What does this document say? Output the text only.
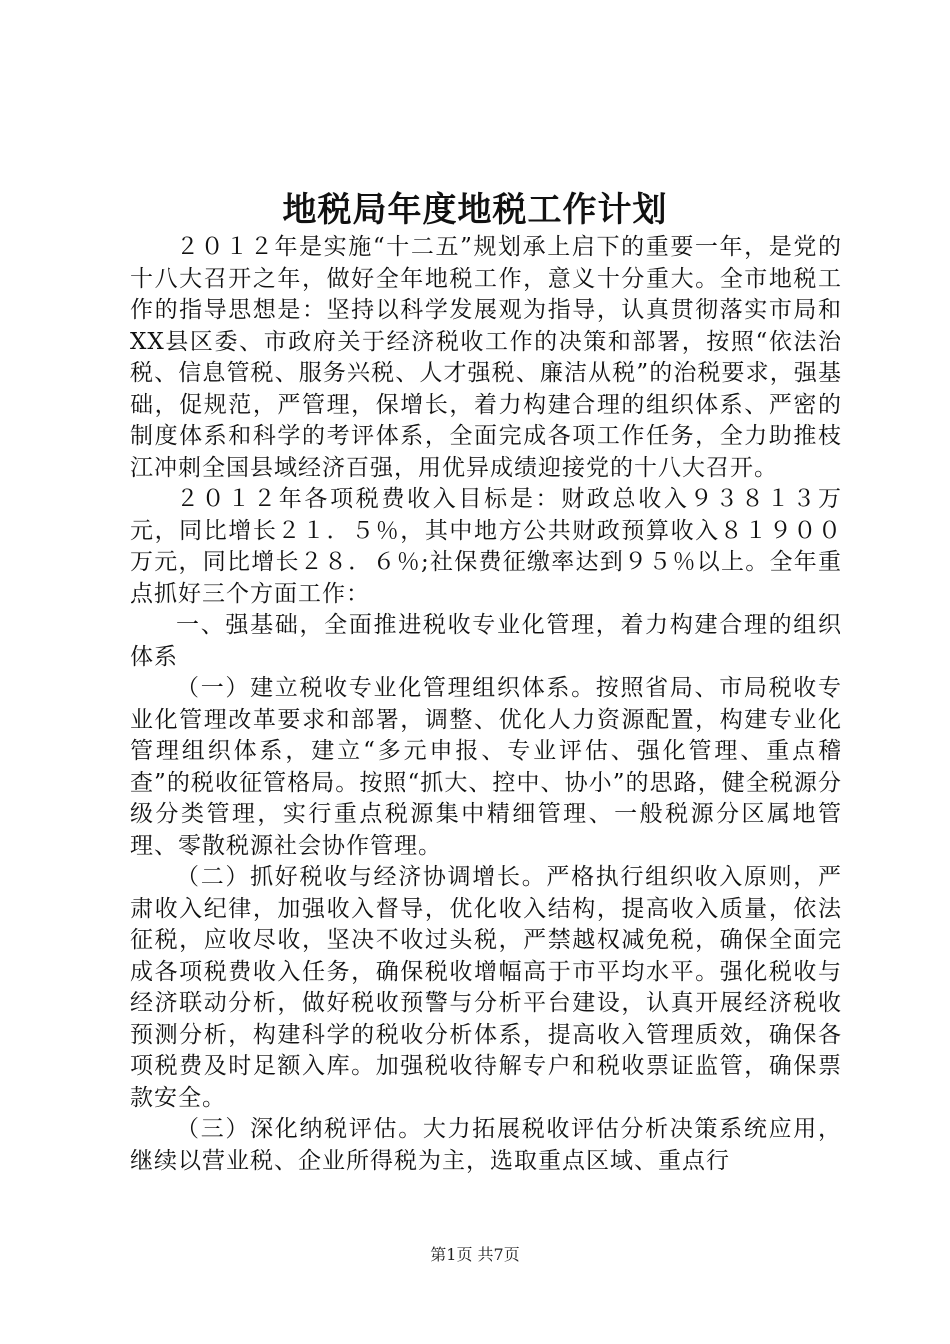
地税局年度地税工作计划

２０１２年是实施“十二五”规划承上启下的重要一年，是党的十八大召开之年，做好全年地税工作，意义十分重大。全市地税工作的指导思想是：坚持以科学发展观为指导，认真贯彻落实市局和XX县区委、市政府关于经济税收工作的决策和部署，按照“依法治税、信息管税、服务兴税、人才强税、廉洁从税”的治税要求，强基础，促规范，严管理，保增长，着力构建合理的组织体系、严密的制度体系和科学的考评体系，全面完成各项工作任务，全力助推枝江冲刺全国县域经济百强，用优异成绩迎接党的十八大召开。

２０１２年各项税费收入目标是：财政总收入９３８１３万元，同比增长２１．５％，其中地方公共财政预算收入８１９００万元，同比增长２８．６％;社保费征缴率达到９５％以上。全年重点抓好三个方面工作：

一、强基础，全面推进税收专业化管理，着力构建合理的组织体系

（一）建立税收专业化管理组织体系。按照省局、市局税收专业化管理改革要求和部署，调整、优化人力资源配置，构建专业化管理组织体系，建立“多元申报、专业评估、强化管理、重点稽查”的税收征管格局。按照“抓大、控中、协小”的思路，健全税源分级分类管理，实行重点税源集中精细管理、一般税源分区属地管理、零散税源社会协作管理。

（二）抓好税收与经济协调增长。严格执行组织收入原则，严肃收入纪律，加强收入督导，优化收入结构，提高收入质量，依法征税，应收尽收，坚决不收过头税，严禁越权减免税，确保全面完成各项税费收入任务，确保税收增幅高于市平均水平。强化税收与经济联动分析，做好税收预警与分析平台建设，认真开展经济税收预测分析，构建科学的税收分析体系，提高收入管理质效，确保各项税费及时足额入库。加强税收待解专户和税收票证监管，确保票款安全。

（三）深化纳税评估。大力拓展税收评估分析决策系统应用，继续以营业税、企业所得税为主，选取重点区域、重点行

第1页 共7页
